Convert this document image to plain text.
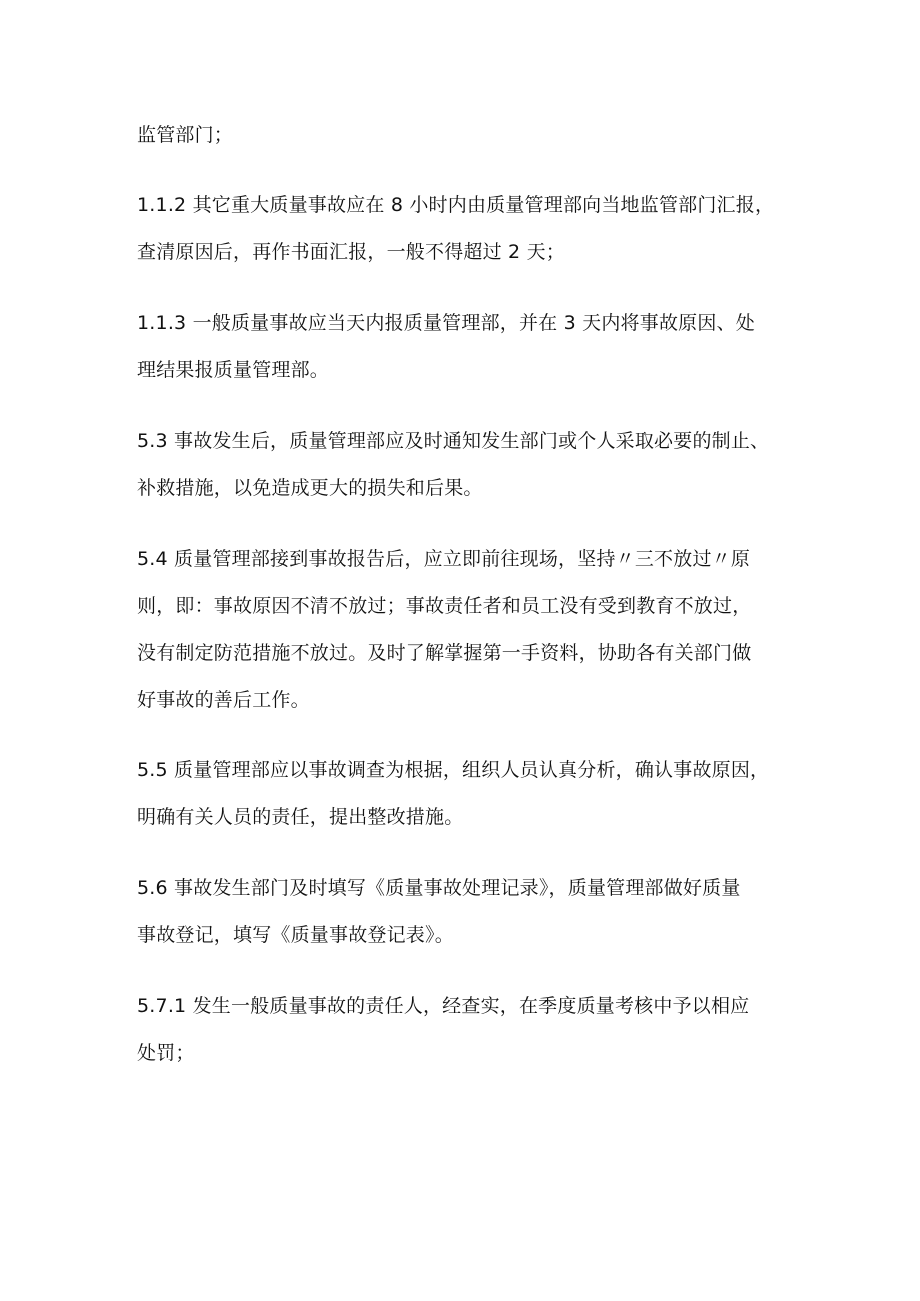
监管部门；
1.1.2 其它重大质量事故应在 8 小时内由质量管理部向当地监管部门汇报，
查清原因后，再作书面汇报，一般不得超过 2 天；
1.1.3 一般质量事故应当天内报质量管理部，并在 3 天内将事故原因、处
理结果报质量管理部。
5.3 事故发生后，质量管理部应及时通知发生部门或个人采取必要的制止、
补救措施，以免造成更大的损失和后果。
5.4 质量管理部接到事故报告后，应立即前往现场，坚持〃三不放过〃原
则，即：事故原因不清不放过；事故责任者和员工没有受到教育不放过，
没有制定防范措施不放过。及时了解掌握第一手资料，协助各有关部门做
好事故的善后工作。
5.5 质量管理部应以事故调查为根据，组织人员认真分析，确认事故原因，
明确有关人员的责任，提出整改措施。
5.6 事故发生部门及时填写《质量事故处理记录》，质量管理部做好质量
事故登记，填写《质量事故登记表》。
5.7.1 发生一般质量事故的责任人，经查实，在季度质量考核中予以相应
处罚；
